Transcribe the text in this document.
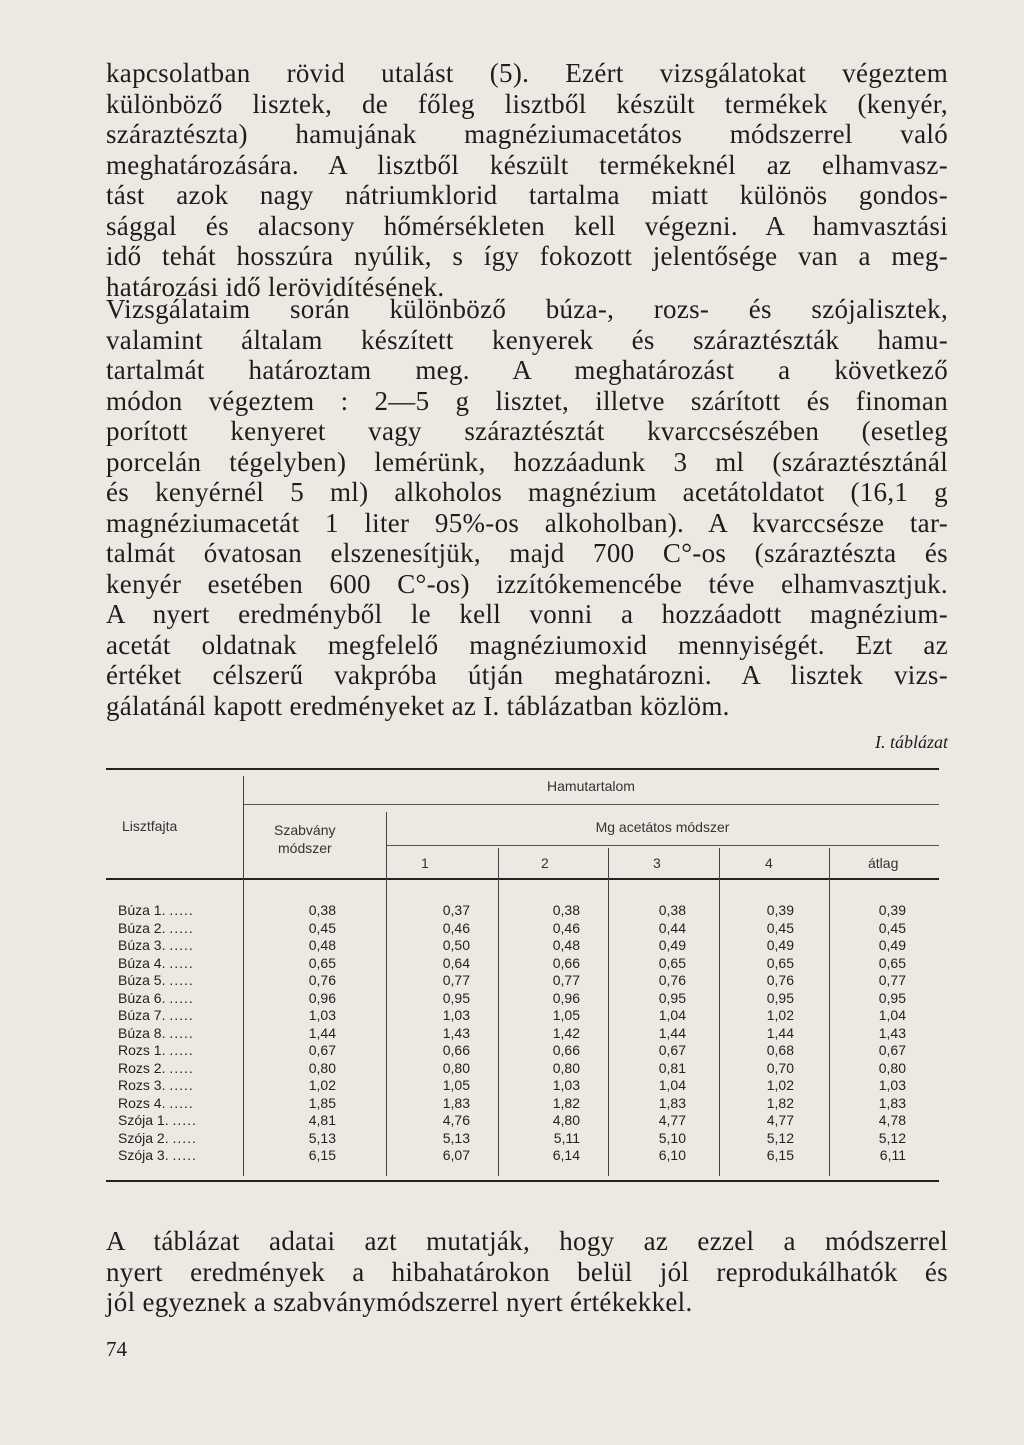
kapcsolatban rövid utalást (5). Ezért vizsgálatokat végeztem
különböző lisztek, de főleg lisztből készült termékek (kenyér,
száraztészta) hamujának magnéziumacetátos módszerrel való
meghatározására. A lisztből készült termékeknél az elhamvasz-
tást azok nagy nátriumklorid tartalma miatt különös gondos-
sággal és alacsony hőmérsékleten kell végezni. A hamvasztási
idő tehát hosszúra nyúlik, s így fokozott jelentősége van a meg-
határozási idő lerövidítésének.

Vizsgálataim során különböző búza-, rozs- és szójalisztek,
valamint általam készített kenyerek és száraztészták hamu-
tartalmát határoztam meg. A meghatározást a következő
módon végeztem : 2—5 g lisztet, illetve szárított és finoman
porított kenyeret vagy száraztésztát kvarccsészében (esetleg
porcelán tégelyben) lemérünk, hozzáadunk 3 ml (száraztésztánál
és kenyérnél 5 ml) alkoholos magnézium acetátoldatot (16,1 g
magnéziumacetát 1 liter 95%-os alkoholban). A kvarccsésze tar-
talmát óvatosan elszenesítjük, majd 700 C°-os (száraztészta és
kenyér esetében 600 C°-os) izzítókemencébe téve elhamvasztjuk.
A nyert eredményből le kell vonni a hozzáadott magnézium-
acetát oldatnak megfelelő magnéziumoxid mennyiségét. Ezt az
értéket célszerű vakpróba útján meghatározni. A lisztek vizs-
gálatánál kapott eredményeket az I. táblázatban közlöm.

I. táblázat
Hamutartalom
Lisztfajta	Szabvány
módszer
Mg acetátos módszer
1	2	3	4	átlag
Búza 1. .....	0,38	0,37	0,38	0,38	0,39	0,39
Búza 2. .....	0,45	0,46	0,46	0,44	0,45	0,45
Búza 3. .....	0,48	0,50	0,48	0,49	0,49	0,49
Búza 4. .....	0,65	0,64	0,66	0,65	0,65	0,65
Búza 5. .....	0,76	0,77	0,77	0,76	0,76	0,77
Búza 6. .....	0,96	0,95	0,96	0,95	0,95	0,95
Búza 7. .....	1,03	1,03	1,05	1,04	1,02	1,04
Búza 8. .....	1,44	1,43	1,42	1,44	1,44	1,43
Rozs 1. .....	0,67	0,66	0,66	0,67	0,68	0,67
Rozs 2. .....	0,80	0,80	0,80	0,81	0,70	0,80
Rozs 3. .....	1,02	1,05	1,03	1,04	1,02	1,03
Rozs 4. .....	1,85	1,83	1,82	1,83	1,82	1,83
Szója 1. .....	4,81	4,76	4,80	4,77	4,77	4,78
Szója 2. .....	5,13	5,13	5,11	5,10	5,12	5,12
Szója 3. .....	6,15	6,07	6,14	6,10	6,15	6,11

A táblázat adatai azt mutatják, hogy az ezzel a módszerrel
nyert eredmények a hibahatárokon belül jól reprodukálhatók és
jól egyeznek a szabványmódszerrel nyert értékekkel.

74
